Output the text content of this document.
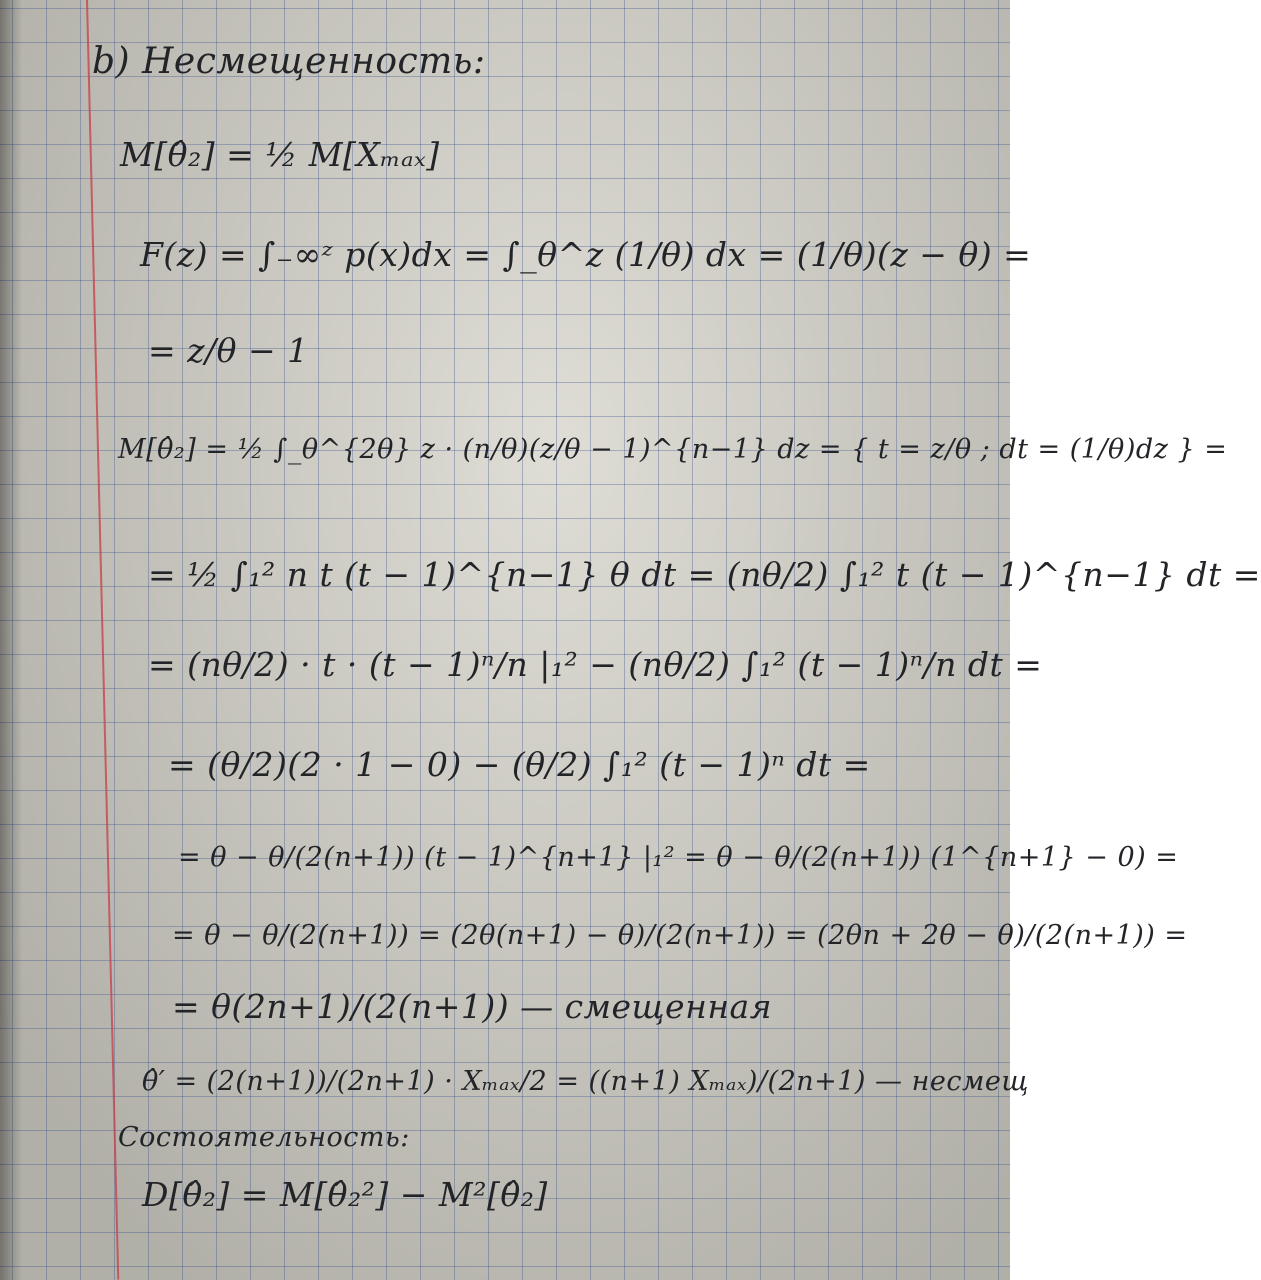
b) Несмещенность:
M[θ̂₂] = ½ M[Xₘₐₓ]
F(z) = ∫₋∞ᶻ p(x)dx = ∫_θ^z (1/θ) dx = (1/θ)(z − θ) =
= z/θ − 1
M[θ̂₂] = ½ ∫_θ^{2θ} z · (n/θ)(z/θ − 1)^{n−1} dz = { t = z/θ ; dt = (1/θ)dz } =
= ½ ∫₁² n t (t − 1)^{n−1} θ dt = (nθ/2) ∫₁² t (t − 1)^{n−1} dt =
= (nθ/2) · t · (t − 1)ⁿ/n |₁² − (nθ/2) ∫₁² (t − 1)ⁿ/n dt =
= (θ/2)(2 · 1 − 0) − (θ/2) ∫₁² (t − 1)ⁿ dt =
= θ − θ/(2(n+1)) (t − 1)^{n+1} |₁² = θ − θ/(2(n+1)) (1^{n+1} − 0) =
= θ − θ/(2(n+1)) = (2θ(n+1) − θ)/(2(n+1)) = (2θn + 2θ − θ)/(2(n+1)) =
= θ(2n+1)/(2(n+1)) — смещенная
θ̂′ = (2(n+1))/(2n+1) · Xₘₐₓ/2 = ((n+1) Xₘₐₓ)/(2n+1) — несмещ
Состоятельность:
D[θ̂₂] = M[θ̂₂²] − M²[θ̂₂]
